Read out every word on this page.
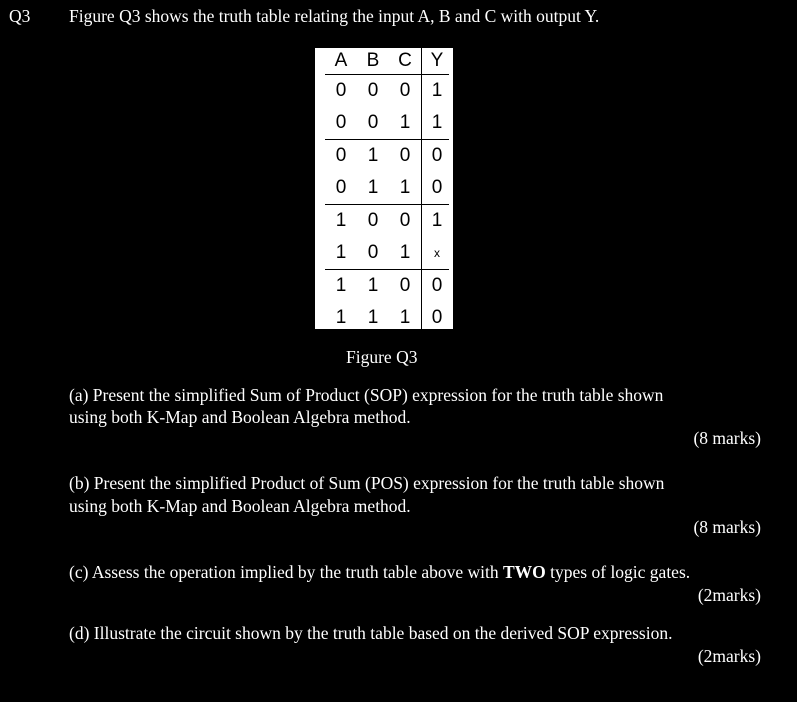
Q3 Figure Q3 shows the truth table relating the input A, B and C with output Y.
A	B	C	Y
0	0	0	1
0	0	1	1
0	1	0	0
0	1	1	0
1	0	0	1
1	0	1	x
1	1	0	0
1	1	1	0
Figure Q3
(a) Present the simplified Sum of Product (SOP) expression for the truth table shown
using both K-Map and Boolean Algebra method.
(8 marks)
(b) Present the simplified Product of Sum (POS) expression for the truth table shown
using both K-Map and Boolean Algebra method.
(8 marks)
(c) Assess the operation implied by the truth table above with TWO types of logic gates.
(2marks)
(d) Illustrate the circuit shown by the truth table based on the derived SOP expression.
(2marks)
